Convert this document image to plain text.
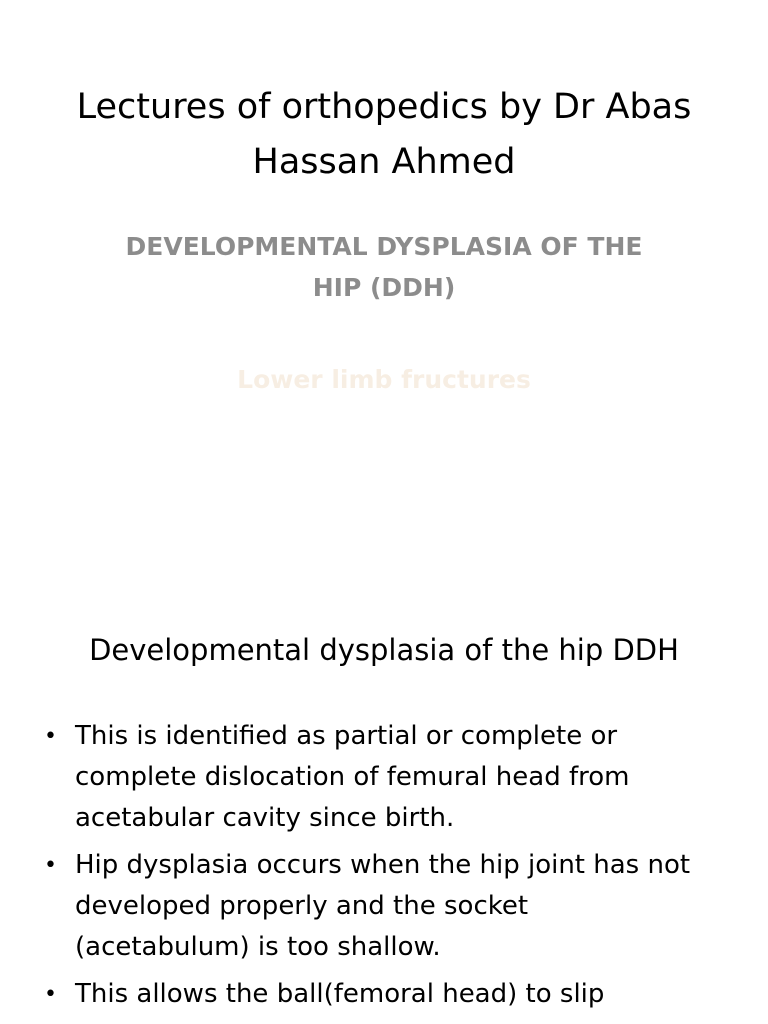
Lectures of orthopedics by Dr Abas Hassan Ahmed

DEVELOPMENTAL DYSPLASIA OF THE HIP (DDH)

Lower limb fructures

Developmental dysplasia of the hip DDH
• This is identified as partial or complete or complete dislocation of femural head from acetabular cavity since birth.
• Hip dysplasia occurs when the hip joint has not developed properly and the socket (acetabulum) is too shallow.
• This allows the ball(femoral head) to slip
